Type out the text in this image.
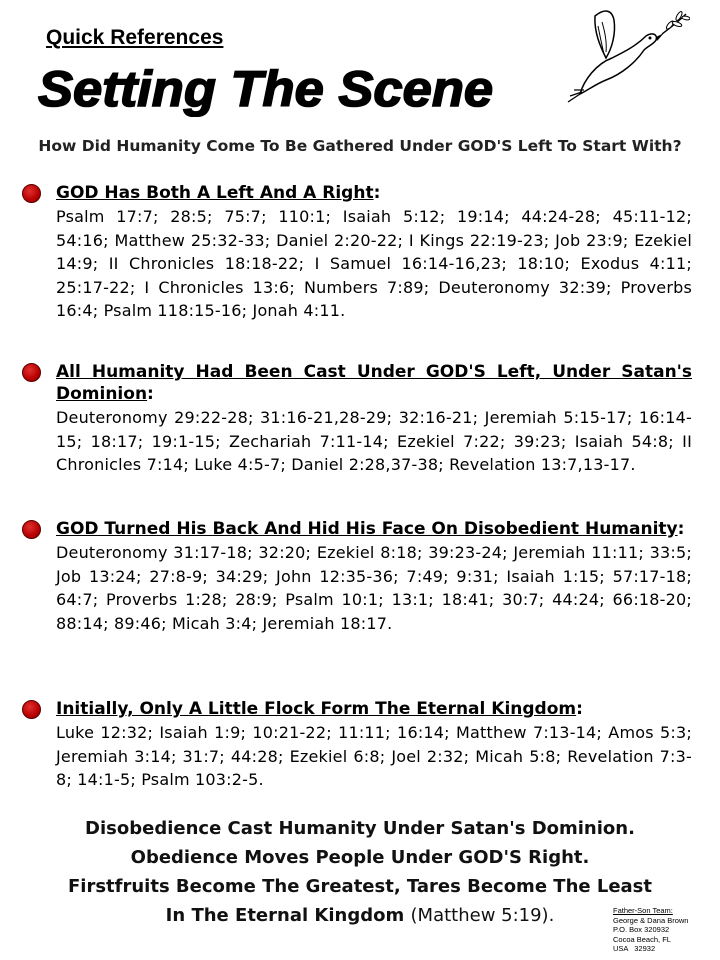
Quick References
Setting The Scene
How Did Humanity Come To Be Gathered Under GOD'S Left To Start With?
GOD Has Both A Left And A Right:
Psalm 17:7; 28:5; 75:7; 110:1; Isaiah 5:12; 19:14; 44:24-28; 45:11-12; 54:16; Matthew 25:32-33; Daniel 2:20-22; I Kings 22:19-23; Job 23:9; Ezekiel 14:9; II Chronicles 18:18-22; I Samuel 16:14-16,23; 18:10; Exodus 4:11; 25:17-22; I Chronicles 13:6; Numbers 7:89; Deuteronomy 32:39; Proverbs 16:4; Psalm 118:15-16; Jonah 4:11.
All Humanity Had Been Cast Under GOD'S Left, Under Satan's Dominion:
Deuteronomy 29:22-28; 31:16-21,28-29; 32:16-21; Jeremiah 5:15-17; 16:14-15; 18:17; 19:1-15; Zechariah 7:11-14; Ezekiel 7:22; 39:23; Isaiah 54:8; II Chronicles 7:14; Luke 4:5-7; Daniel 2:28,37-38; Revelation 13:7,13-17.
GOD Turned His Back And Hid His Face On Disobedient Humanity:
Deuteronomy 31:17-18; 32:20; Ezekiel 8:18; 39:23-24; Jeremiah 11:11; 33:5; Job 13:24; 27:8-9; 34:29; John 12:35-36; 7:49; 9:31; Isaiah 1:15; 57:17-18; 64:7; Proverbs 1:28; 28:9; Psalm 10:1; 13:1; 18:41; 30:7; 44:24; 66:18-20; 88:14; 89:46; Micah 3:4; Jeremiah 18:17.
Initially, Only A Little Flock Form The Eternal Kingdom:
Luke 12:32; Isaiah 1:9; 10:21-22; 11:11; 16:14; Matthew 7:13-14; Amos 5:3; Jeremiah 3:14; 31:7; 44:28; Ezekiel 6:8; Joel 2:32; Micah 5:8; Revelation 7:3-8; 14:1-5; Psalm 103:2-5.
Disobedience Cast Humanity Under Satan's Dominion.
Obedience Moves People Under GOD'S Right.
Firstfruits Become The Greatest, Tares Become The Least
In The Eternal Kingdom (Matthew 5:19).	Father-Son Team:
George & Dana Brown
P.O. Box 320932
Cocoa Beach, FL
USA   32932
